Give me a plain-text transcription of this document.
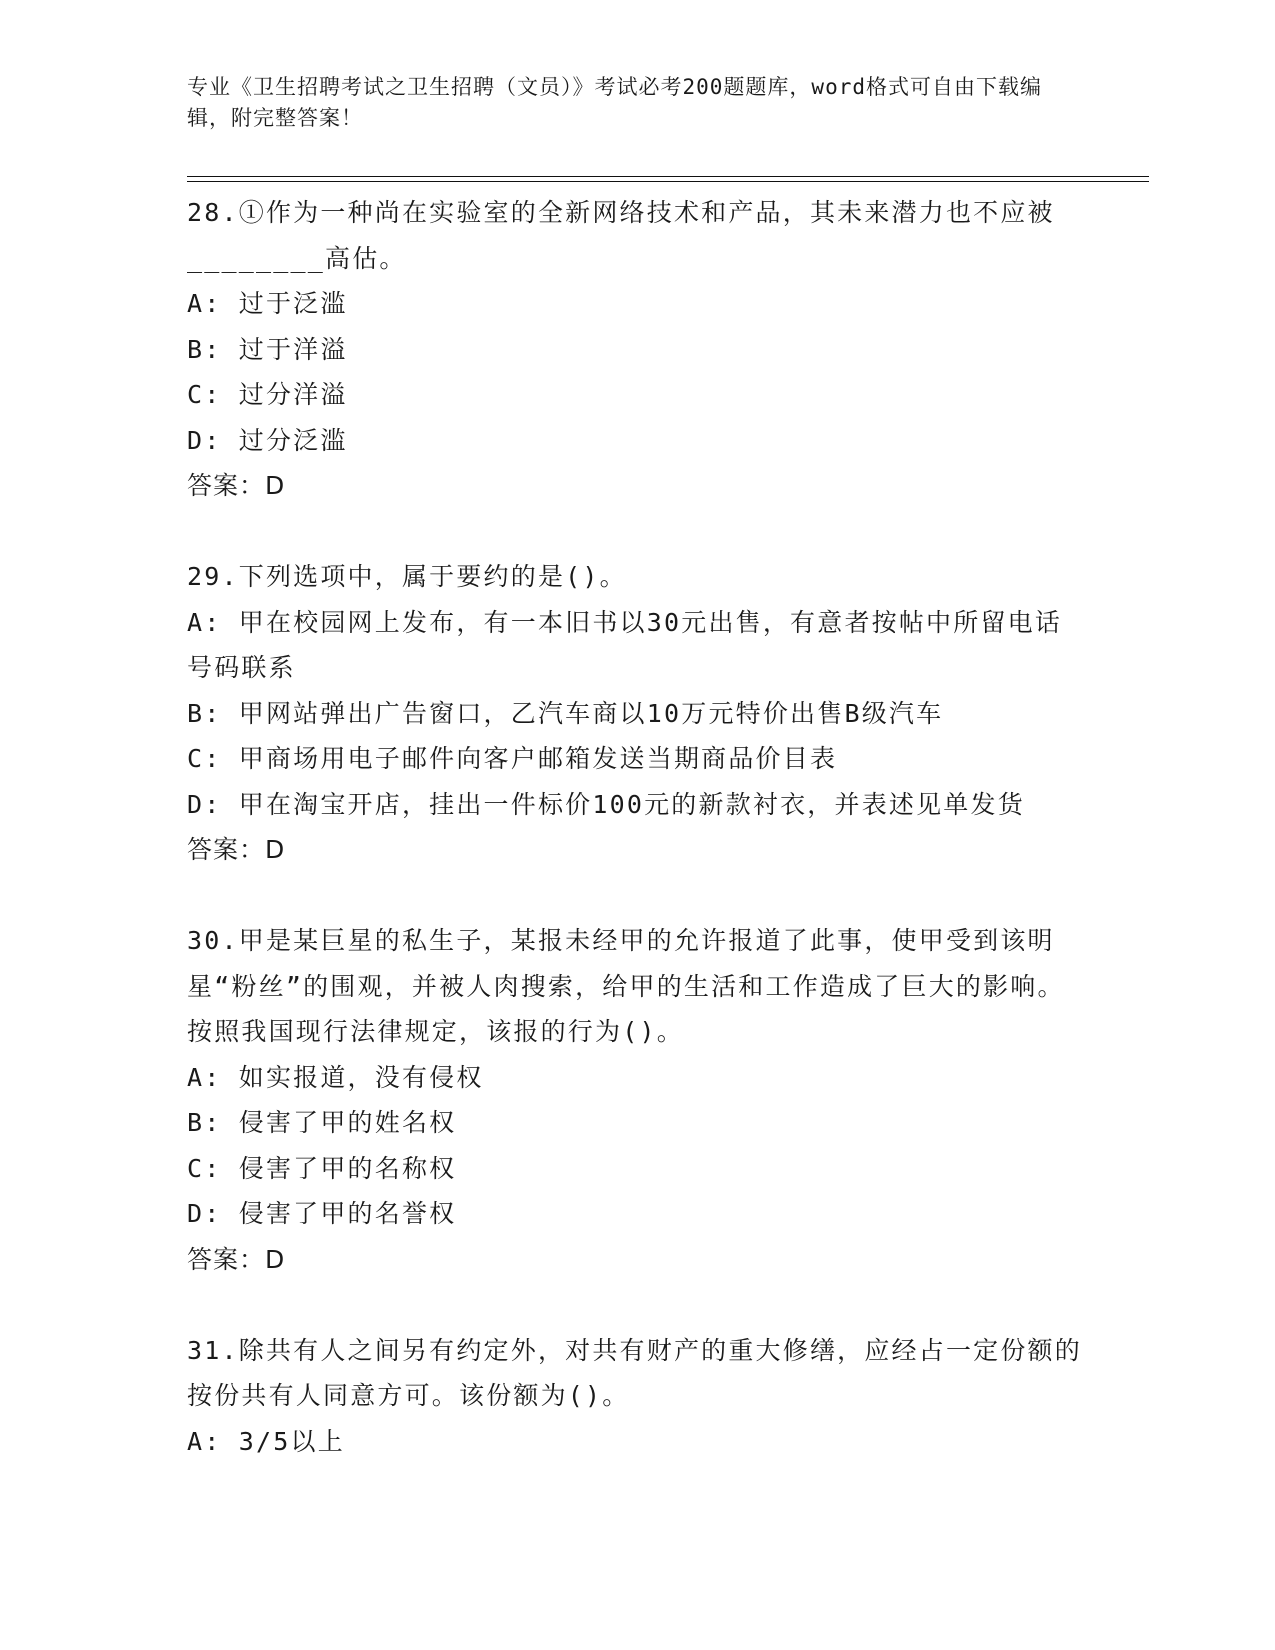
专业《卫生招聘考试之卫生招聘（文员）》考试必考200题题库，word格式可自由下载编辑，附完整答案！

28.①作为一种尚在实验室的全新网络技术和产品，其未来潜力也不应被________高估。

A: 过于泛滥

B: 过于洋溢

C: 过分洋溢

D: 过分泛滥

答案：D

29.下列选项中，属于要约的是()。

A: 甲在校园网上发布，有一本旧书以30元出售，有意者按帖中所留电话号码联系

B: 甲网站弹出广告窗口，乙汽车商以10万元特价出售B级汽车

C: 甲商场用电子邮件向客户邮箱发送当期商品价目表

D: 甲在淘宝开店，挂出一件标价100元的新款衬衣，并表述见单发货

答案：D

30.甲是某巨星的私生子，某报未经甲的允许报道了此事，使甲受到该明星“粉丝”的围观，并被人肉搜索，给甲的生活和工作造成了巨大的影响。按照我国现行法律规定，该报的行为()。

A: 如实报道，没有侵权

B: 侵害了甲的姓名权

C: 侵害了甲的名称权

D: 侵害了甲的名誉权

答案：D

31.除共有人之间另有约定外，对共有财产的重大修缮，应经占一定份额的按份共有人同意方可。该份额为()。

A: 3/5以上
